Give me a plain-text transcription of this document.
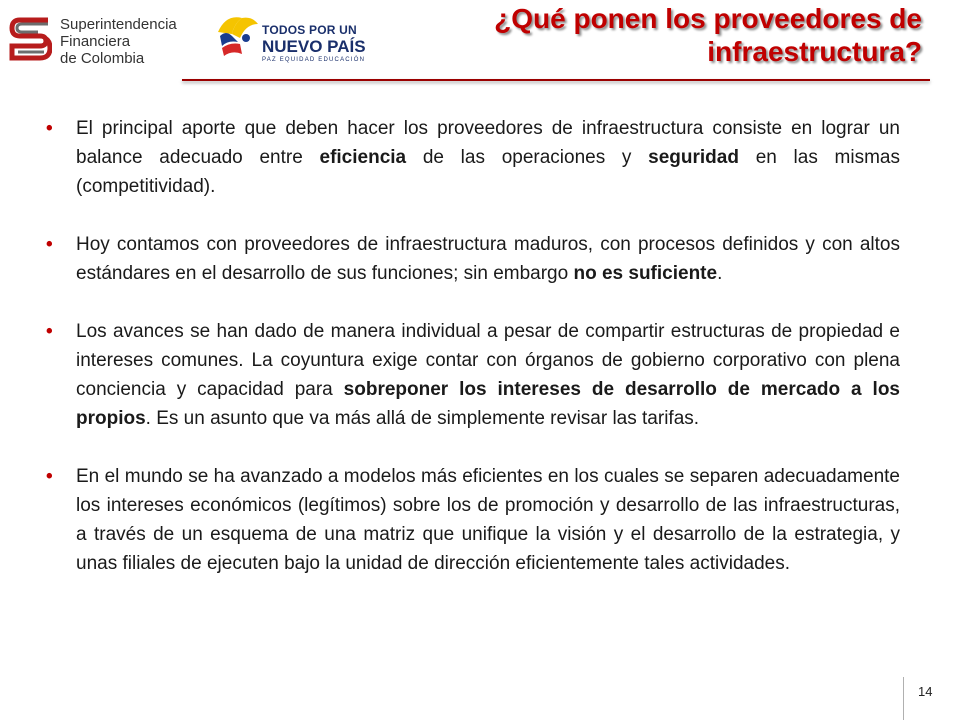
Superintendencia
Financiera
de Colombia
TODOS POR UN
NUEVO PAÍS
PAZ EQUIDAD EDUCACIÓN
¿Qué ponen los proveedores de
infraestructura?
• El principal aporte que deben hacer los proveedores de infraestructura consiste en lograr un balance adecuado entre eficiencia de las operaciones y seguridad en las mismas (competitividad).
• Hoy contamos con proveedores de infraestructura maduros, con procesos definidos y con altos estándares en el desarrollo de sus funciones; sin embargo no es suficiente.
• Los avances se han dado de manera individual a pesar de compartir estructuras de propiedad e intereses comunes. La coyuntura exige contar con órganos de gobierno corporativo con plena conciencia y capacidad para sobreponer los intereses de desarrollo de mercado a los propios. Es un asunto que va más allá de simplemente revisar las tarifas.
• En el mundo se ha avanzado a modelos más eficientes en los cuales se separen adecuadamente los intereses económicos (legítimos) sobre los de promoción y desarrollo de las infraestructuras, a través de un esquema de una matriz que unifique la visión y el desarrollo de la estrategia, y unas filiales de ejecuten bajo la unidad de dirección eficientemente tales actividades.
14
